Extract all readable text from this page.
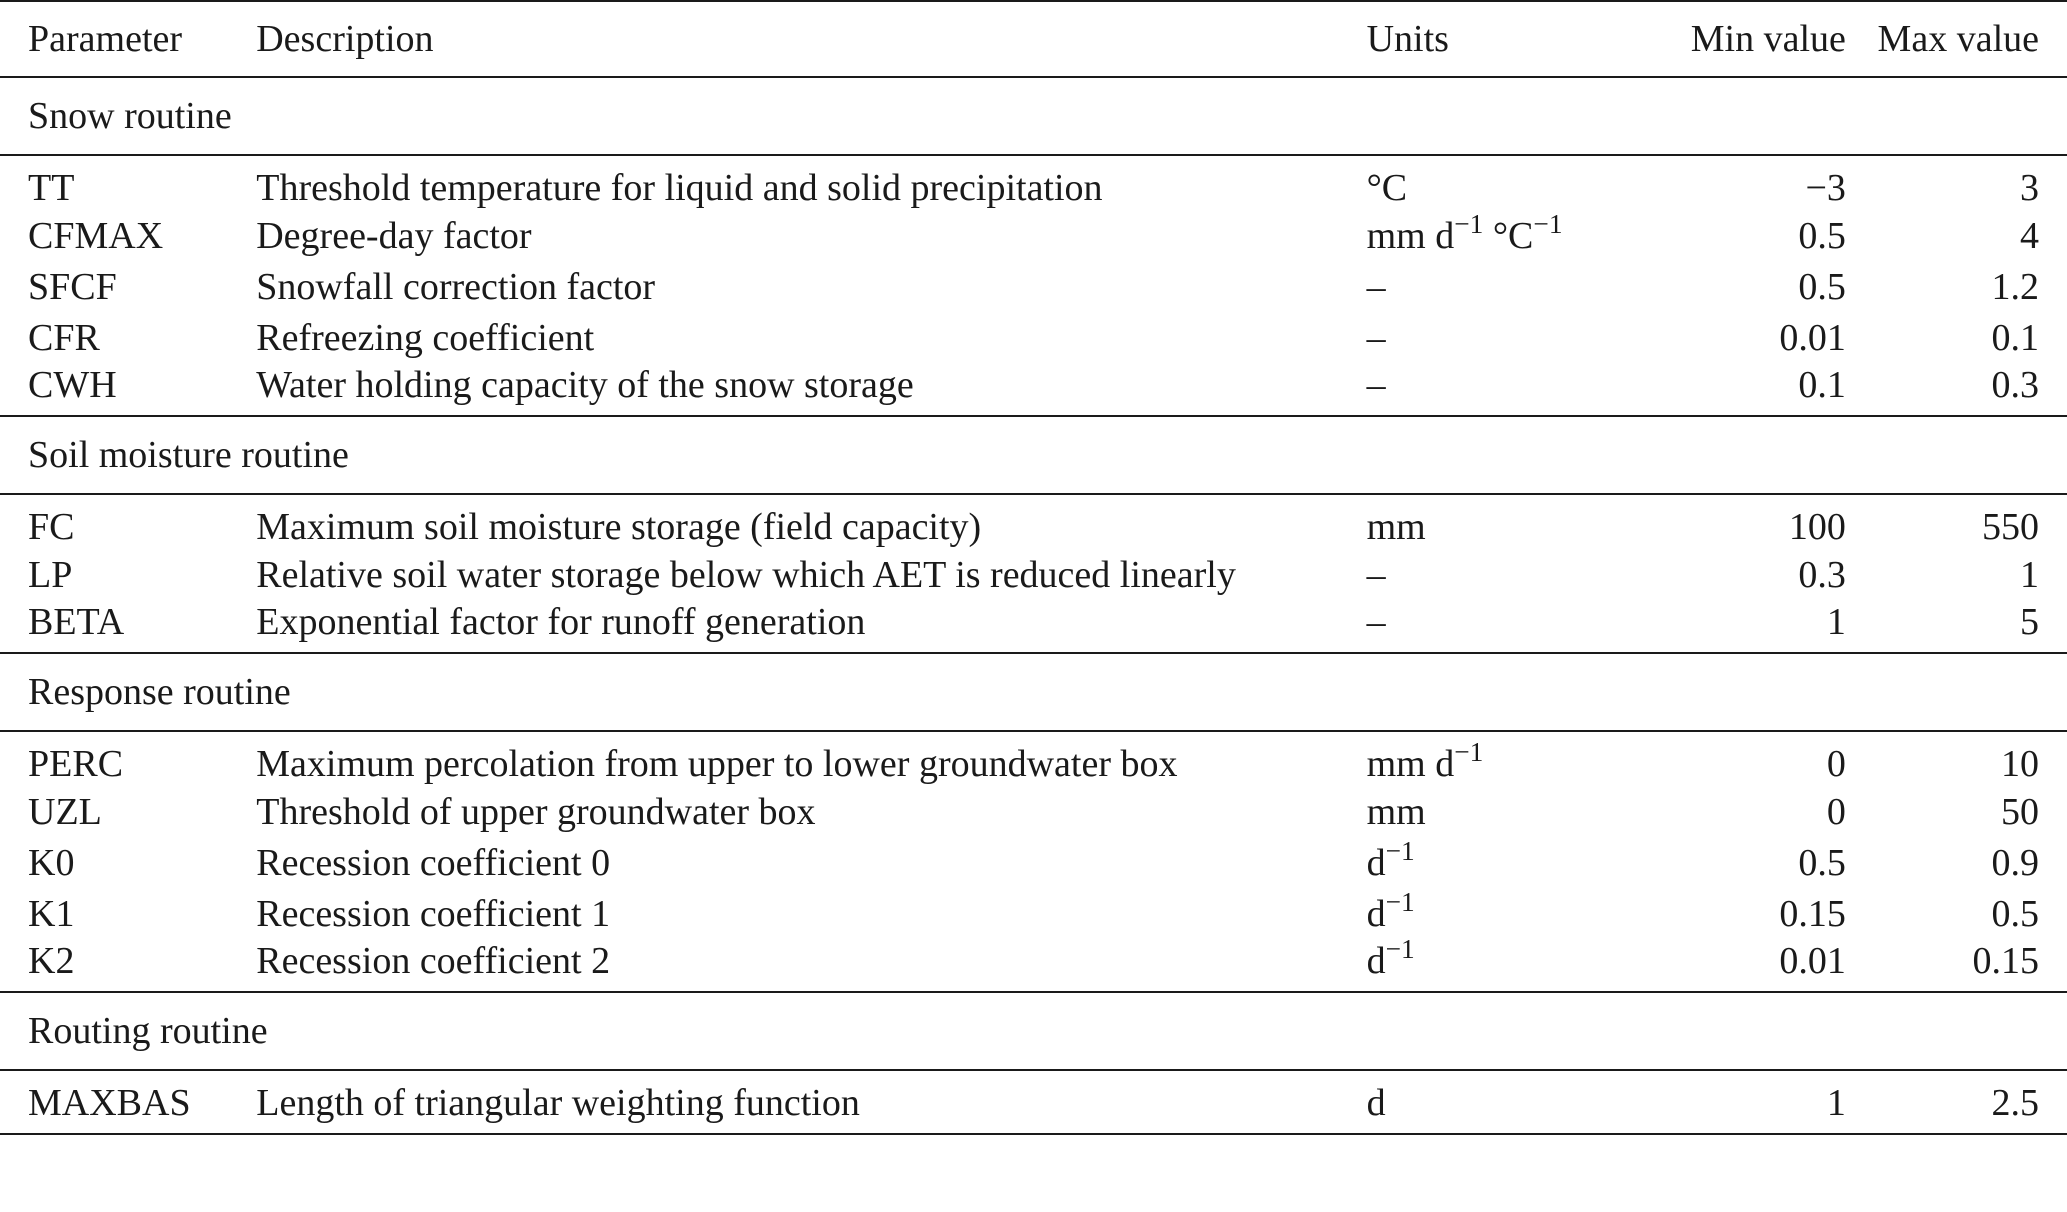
Parameter	Description	Units	Min value	Max value
Snow routine				
TT	Threshold temperature for liquid and solid precipitation	°C	−3	3
CFMAX	Degree-day factor	mm $d^{-1}$ $^\circ C^{-1}$	0.5	4
SFCF	Snowfall correction factor	–	0.5	1.2
CFR	Refreezing coefficient	–	0.01	0.1
CWH	Water holding capacity of the snow storage	–	0.1	0.3
Soil moisture routine				
FC	Maximum soil moisture storage (field capacity)	mm	100	550
LP	Relative soil water storage below which AET is reduced linearly	–	0.3	1
BETA	Exponential factor for runoff generation	–	1	5
Response routine				
PERC	Maximum percolation from upper to lower groundwater box	mm $d^{-1}$	0	10
UZL	Threshold of upper groundwater box	mm	0	50
K0	Recession coefficient 0	$d^{-1}$	0.5	0.9
K1	Recession coefficient 1	$d^{-1}$	0.15	0.5
K2	Recession coefficient 2	$d^{-1}$	0.01	0.15
Routing routine				
MAXBAS	Length of triangular weighting function	d	1	2.5
